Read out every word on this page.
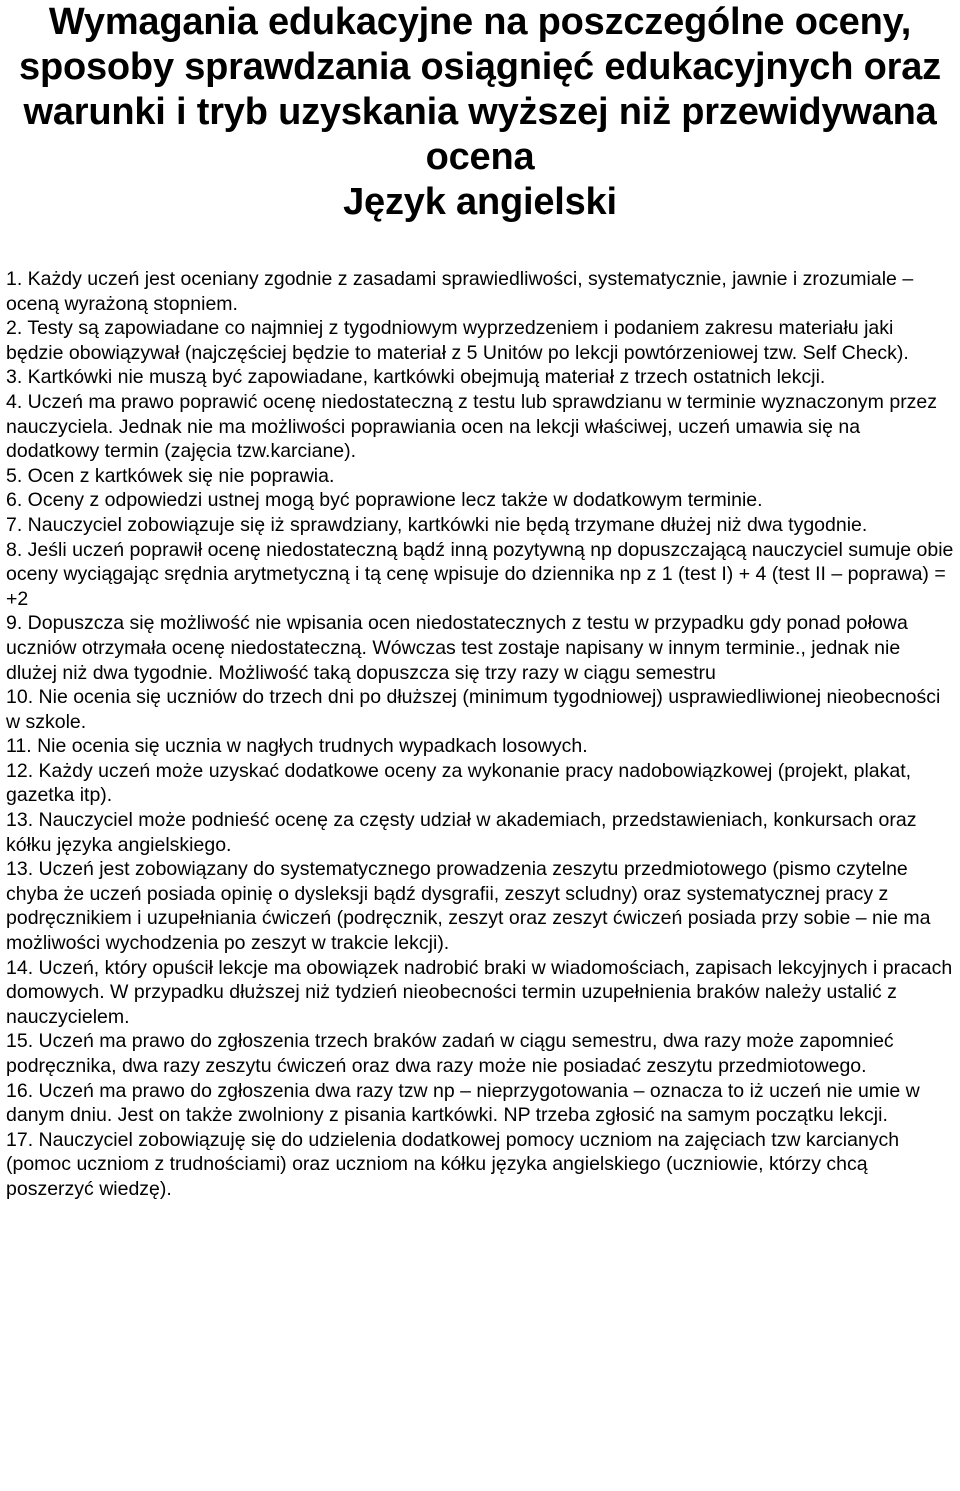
Wymagania edukacyjne na poszczególne oceny,
sposoby sprawdzania osiągnięć edukacyjnych oraz
warunki i tryb uzyskania wyższej niż przewidywana
ocena
Język angielski

1. Każdy uczeń jest oceniany zgodnie z zasadami sprawiedliwości, systematycznie, jawnie i zrozumiale – oceną wyrażoną stopniem.

2. Testy są zapowiadane co najmniej z tygodniowym wyprzedzeniem i podaniem zakresu materiału jaki będzie obowiązywał (najczęściej będzie to materiał z 5 Unitów po lekcji powtórzeniowej tzw. Self Check).

3. Kartkówki nie muszą być zapowiadane, kartkówki obejmują materiał z trzech ostatnich lekcji.

4. Uczeń ma prawo poprawić ocenę niedostateczną z testu lub sprawdzianu w terminie wyznaczonym przez nauczyciela. Jednak nie ma możliwości poprawiania ocen na lekcji właściwej, uczeń umawia się na dodatkowy termin (zajęcia tzw.karciane).

5. Ocen z kartkówek się nie poprawia.

6. Oceny z odpowiedzi ustnej mogą być poprawione lecz także w dodatkowym terminie.

7. Nauczyciel zobowiązuje się iż sprawdziany, kartkówki nie będą trzymane dłużej niż dwa tygodnie.

8. Jeśli uczeń poprawił ocenę niedostateczną bądź inną pozytywną np dopuszczającą nauczyciel sumuje obie oceny wyciągając srędnia arytmetyczną i tą cenę wpisuje do dziennika np z 1 (test I) + 4 (test II – poprawa) = +2

9. Dopuszcza się możliwość nie wpisania ocen niedostatecznych z testu w przypadku gdy ponad połowa uczniów otrzymała ocenę niedostateczną. Wówczas test zostaje napisany w innym terminie., jednak nie dlużej niż dwa tygodnie. Możliwość taką dopuszcza się trzy razy w ciągu semestru

10. Nie ocenia się uczniów do trzech dni po dłuższej (minimum tygodniowej) usprawiedliwionej nieobecności w szkole.

11. Nie ocenia się ucznia w nagłych trudnych wypadkach losowych.

12. Każdy uczeń może uzyskać dodatkowe oceny za wykonanie pracy nadobowiązkowej (projekt, plakat, gazetka itp).

13. Nauczyciel może podnieść ocenę za częsty udział w akademiach, przedstawieniach, konkursach oraz kółku języka angielskiego.

13. Uczeń jest zobowiązany do systematycznego prowadzenia zeszytu przedmiotowego (pismo czytelne chyba że uczeń posiada opinię o dysleksji bądź dysgrafii, zeszyt scludny) oraz systematycznej pracy z podręcznikiem i uzupełniania ćwiczeń (podręcznik, zeszyt oraz zeszyt ćwiczeń posiada przy sobie – nie ma możliwości wychodzenia po zeszyt w trakcie lekcji).

14. Uczeń, który opuścił lekcje ma obowiązek nadrobić braki w wiadomościach, zapisach lekcyjnych i pracach domowych. W przypadku dłuższej niż tydzień nieobecności termin uzupełnienia braków należy ustalić z nauczycielem.

15. Uczeń ma prawo do zgłoszenia trzech braków zadań w ciągu semestru, dwa razy może zapomnieć podręcznika, dwa razy zeszytu ćwiczeń oraz dwa razy może nie posiadać zeszytu przedmiotowego.

16. Uczeń ma prawo do zgłoszenia dwa razy tzw np – nieprzygotowania – oznacza to iż uczeń nie umie w danym dniu. Jest on także zwolniony z pisania kartkówki. NP trzeba zgłosić na samym początku lekcji.

17. Nauczyciel zobowiązuję się do udzielenia dodatkowej pomocy uczniom na zajęciach tzw karcianych (pomoc uczniom z trudnościami) oraz uczniom na kółku języka angielskiego (uczniowie, którzy chcą poszerzyć wiedzę).
